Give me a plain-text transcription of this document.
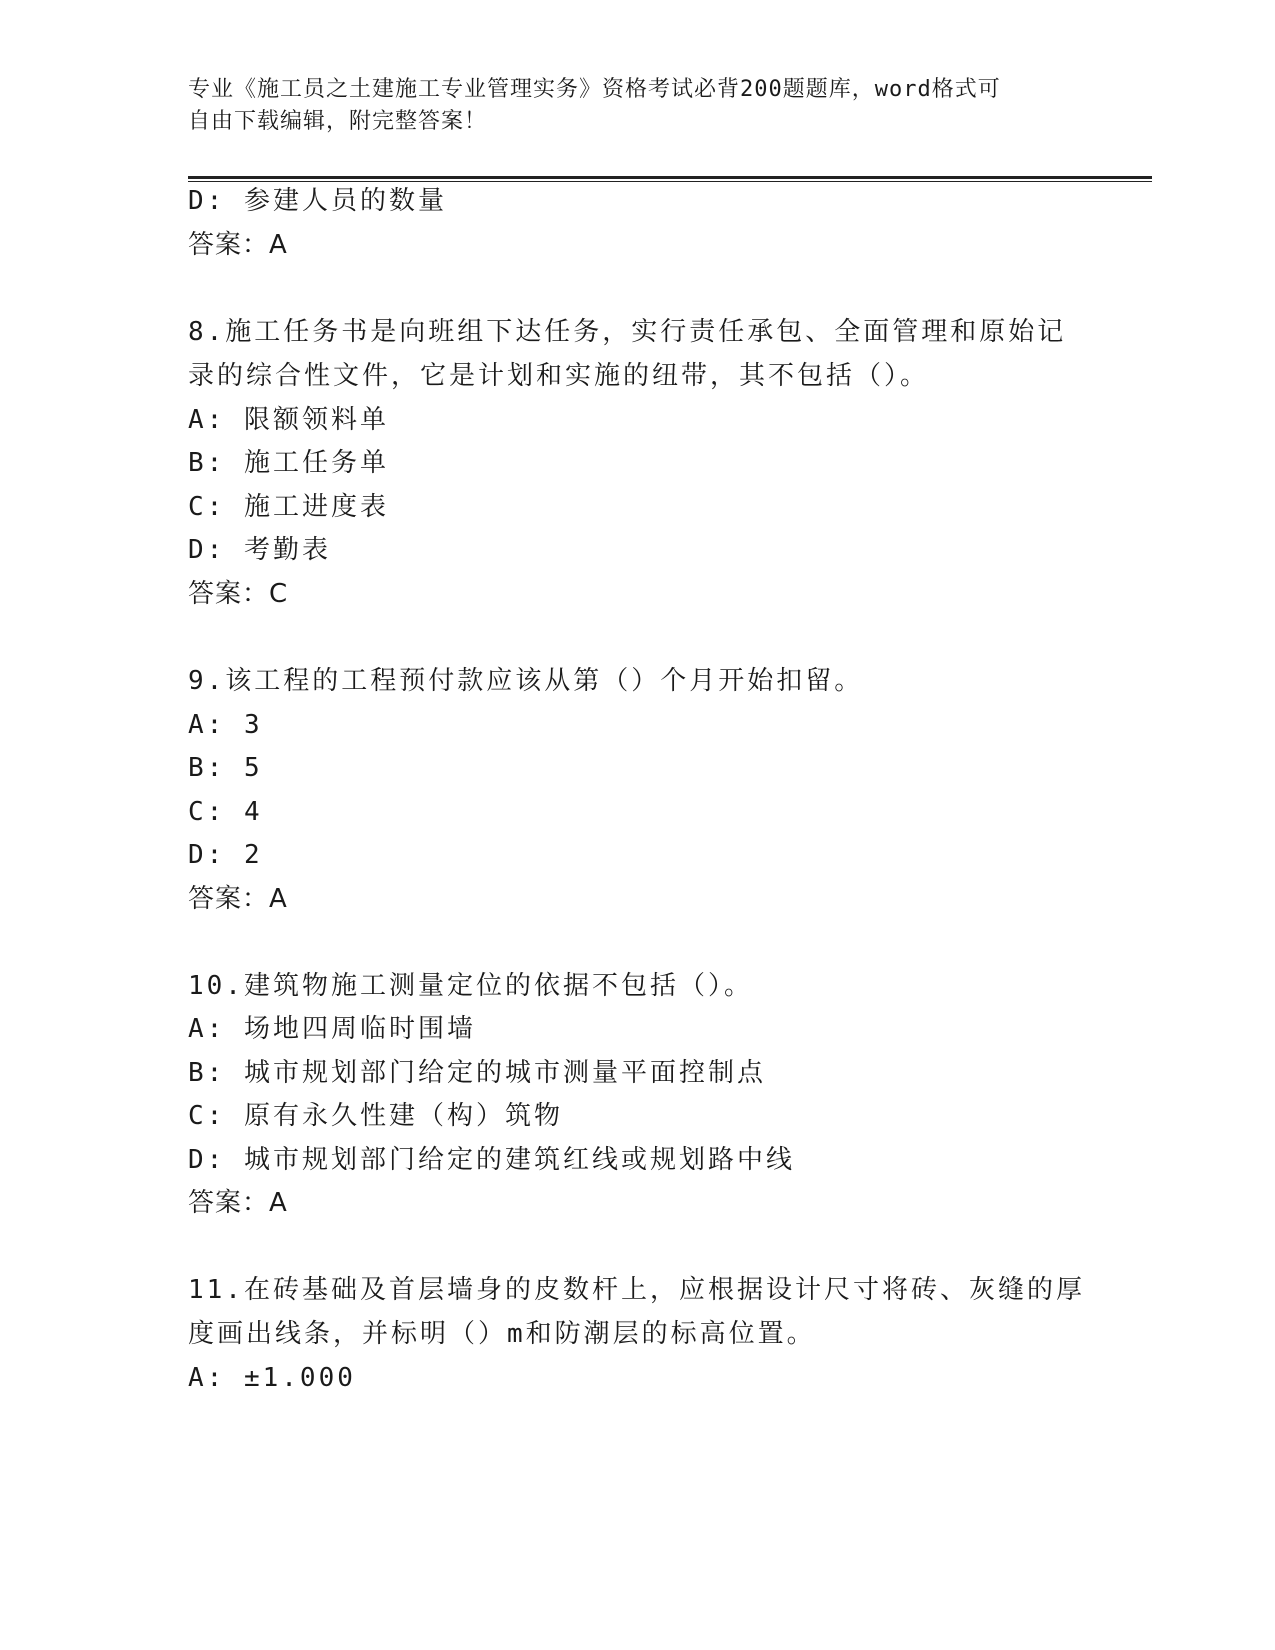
专业《施工员之土建施工专业管理实务》资格考试必背200题题库，word格式可
自由下载编辑，附完整答案！
D: 参建人员的数量
答案：A
8.施工任务书是向班组下达任务，实行责任承包、全面管理和原始记
录的综合性文件，它是计划和实施的纽带，其不包括（）。
A: 限额领料单
B: 施工任务单
C: 施工进度表
D: 考勤表
答案：C
9.该工程的工程预付款应该从第（）个月开始扣留。
A: 3
B: 5
C: 4
D: 2
答案：A
10.建筑物施工测量定位的依据不包括（）。
A: 场地四周临时围墙
B: 城市规划部门给定的城市测量平面控制点
C: 原有永久性建（构）筑物
D: 城市规划部门给定的建筑红线或规划路中线
答案：A
11.在砖基础及首层墙身的皮数杆上，应根据设计尺寸将砖、灰缝的厚
度画出线条，并标明（）m和防潮层的标高位置。
A: ±1.000
